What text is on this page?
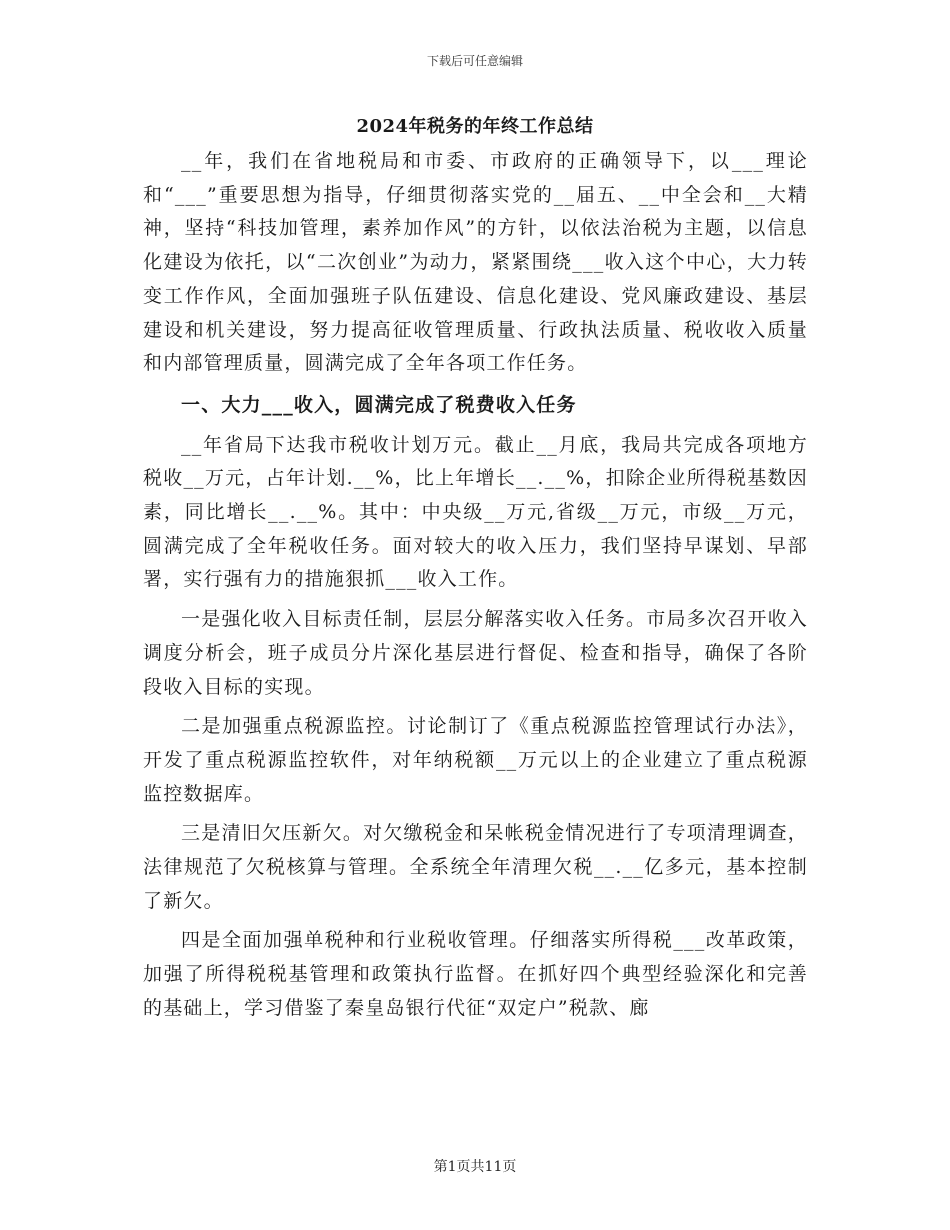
下载后可任意编辑
2024年税务的年终工作总结

__年，我们在省地税局和市委、市政府的正确领导下，以___理论和“___”重要思想为指导，仔细贯彻落实党的__届五、__中全会和__大精神，坚持“科技加管理，素养加作风”的方针，以依法治税为主题，以信息化建设为依托，以“二次创业”为动力，紧紧围绕___收入这个中心，大力转变工作作风，全面加强班子队伍建设、信息化建设、党风廉政建设、基层建设和机关建设，努力提高征收管理质量、行政执法质量、税收收入质量和内部管理质量，圆满完成了全年各项工作任务。

一、大力___收入，圆满完成了税费收入任务

__年省局下达我市税收计划万元。截止__月底，我局共完成各项地方税收__万元，占年计划.__%，比上年增长__.__%，扣除企业所得税基数因素，同比增长__.__%。其中：中央级__万元,省级__万元，市级__万元，圆满完成了全年税收任务。面对较大的收入压力，我们坚持早谋划、早部署，实行强有力的措施狠抓___收入工作。

一是强化收入目标责任制，层层分解落实收入任务。市局多次召开收入调度分析会，班子成员分片深化基层进行督促、检查和指导，确保了各阶段收入目标的实现。

二是加强重点税源监控。讨论制订了《重点税源监控管理试行办法》，开发了重点税源监控软件，对年纳税额__万元以上的企业建立了重点税源监控数据库。

三是清旧欠压新欠。对欠缴税金和呆帐税金情况进行了专项清理调查，法律规范了欠税核算与管理。全系统全年清理欠税__.__亿多元，基本控制了新欠。

四是全面加强单税种和行业税收管理。仔细落实所得税___改革政策，加强了所得税税基管理和政策执行监督。在抓好四个典型经验深化和完善的基础上，学习借鉴了秦皇岛银行代征“双定户”税款、廊

第1页共11页
